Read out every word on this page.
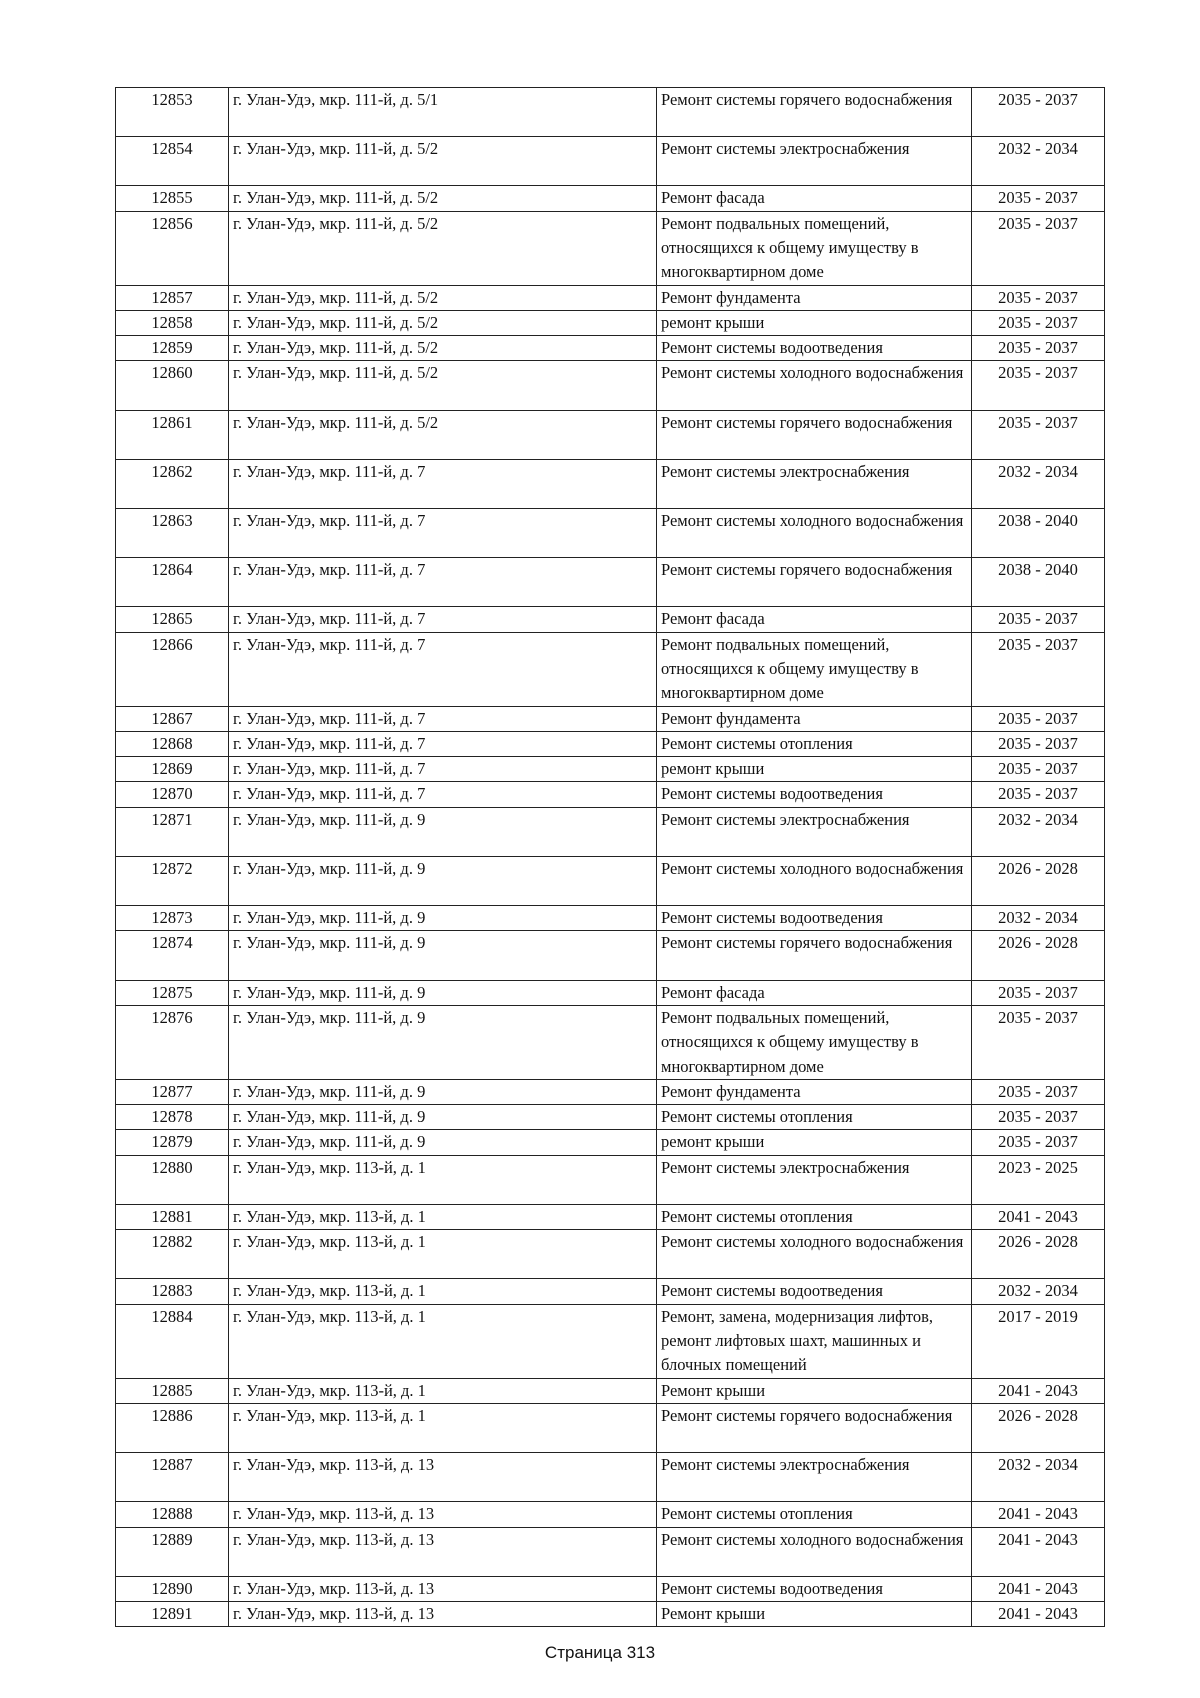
12853	г. Улан-Удэ, мкр. 111-й, д. 5/1	Ремонт системы горячего водоснабжения	2035 - 2037
12854	г. Улан-Удэ, мкр. 111-й, д. 5/2	Ремонт системы электроснабжения	2032 - 2034
12855	г. Улан-Удэ, мкр. 111-й, д. 5/2	Ремонт фасада	2035 - 2037
12856	г. Улан-Удэ, мкр. 111-й, д. 5/2	Ремонт подвальных помещений, относящихся к общему имуществу в многоквартирном доме	2035 - 2037
12857	г. Улан-Удэ, мкр. 111-й, д. 5/2	Ремонт фундамента	2035 - 2037
12858	г. Улан-Удэ, мкр. 111-й, д. 5/2	ремонт крыши	2035 - 2037
12859	г. Улан-Удэ, мкр. 111-й, д. 5/2	Ремонт системы водоотведения	2035 - 2037
12860	г. Улан-Удэ, мкр. 111-й, д. 5/2	Ремонт системы холодного водоснабжения	2035 - 2037
12861	г. Улан-Удэ, мкр. 111-й, д. 5/2	Ремонт системы горячего водоснабжения	2035 - 2037
12862	г. Улан-Удэ, мкр. 111-й, д. 7	Ремонт системы электроснабжения	2032 - 2034
12863	г. Улан-Удэ, мкр. 111-й, д. 7	Ремонт системы холодного водоснабжения	2038 - 2040
12864	г. Улан-Удэ, мкр. 111-й, д. 7	Ремонт системы горячего водоснабжения	2038 - 2040
12865	г. Улан-Удэ, мкр. 111-й, д. 7	Ремонт фасада	2035 - 2037
12866	г. Улан-Удэ, мкр. 111-й, д. 7	Ремонт подвальных помещений, относящихся к общему имуществу в многоквартирном доме	2035 - 2037
12867	г. Улан-Удэ, мкр. 111-й, д. 7	Ремонт фундамента	2035 - 2037
12868	г. Улан-Удэ, мкр. 111-й, д. 7	Ремонт системы отопления	2035 - 2037
12869	г. Улан-Удэ, мкр. 111-й, д. 7	ремонт крыши	2035 - 2037
12870	г. Улан-Удэ, мкр. 111-й, д. 7	Ремонт системы водоотведения	2035 - 2037
12871	г. Улан-Удэ, мкр. 111-й, д. 9	Ремонт системы электроснабжения	2032 - 2034
12872	г. Улан-Удэ, мкр. 111-й, д. 9	Ремонт системы холодного водоснабжения	2026 - 2028
12873	г. Улан-Удэ, мкр. 111-й, д. 9	Ремонт системы водоотведения	2032 - 2034
12874	г. Улан-Удэ, мкр. 111-й, д. 9	Ремонт системы горячего водоснабжения	2026 - 2028
12875	г. Улан-Удэ, мкр. 111-й, д. 9	Ремонт фасада	2035 - 2037
12876	г. Улан-Удэ, мкр. 111-й, д. 9	Ремонт подвальных помещений, относящихся к общему имуществу в многоквартирном доме	2035 - 2037
12877	г. Улан-Удэ, мкр. 111-й, д. 9	Ремонт фундамента	2035 - 2037
12878	г. Улан-Удэ, мкр. 111-й, д. 9	Ремонт системы отопления	2035 - 2037
12879	г. Улан-Удэ, мкр. 111-й, д. 9	ремонт крыши	2035 - 2037
12880	г. Улан-Удэ, мкр. 113-й, д. 1	Ремонт системы электроснабжения	2023 - 2025
12881	г. Улан-Удэ, мкр. 113-й, д. 1	Ремонт системы отопления	2041 - 2043
12882	г. Улан-Удэ, мкр. 113-й, д. 1	Ремонт системы холодного водоснабжения	2026 - 2028
12883	г. Улан-Удэ, мкр. 113-й, д. 1	Ремонт системы водоотведения	2032 - 2034
12884	г. Улан-Удэ, мкр. 113-й, д. 1	Ремонт, замена, модернизация лифтов, ремонт лифтовых шахт, машинных и блочных помещений	2017 - 2019
12885	г. Улан-Удэ, мкр. 113-й, д. 1	Ремонт крыши	2041 - 2043
12886	г. Улан-Удэ, мкр. 113-й, д. 1	Ремонт системы горячего водоснабжения	2026 - 2028
12887	г. Улан-Удэ, мкр. 113-й, д. 13	Ремонт системы электроснабжения	2032 - 2034
12888	г. Улан-Удэ, мкр. 113-й, д. 13	Ремонт системы отопления	2041 - 2043
12889	г. Улан-Удэ, мкр. 113-й, д. 13	Ремонт системы холодного водоснабжения	2041 - 2043
12890	г. Улан-Удэ, мкр. 113-й, д. 13	Ремонт системы водоотведения	2041 - 2043
12891	г. Улан-Удэ, мкр. 113-й, д. 13	Ремонт крыши	2041 - 2043
Страница 313
